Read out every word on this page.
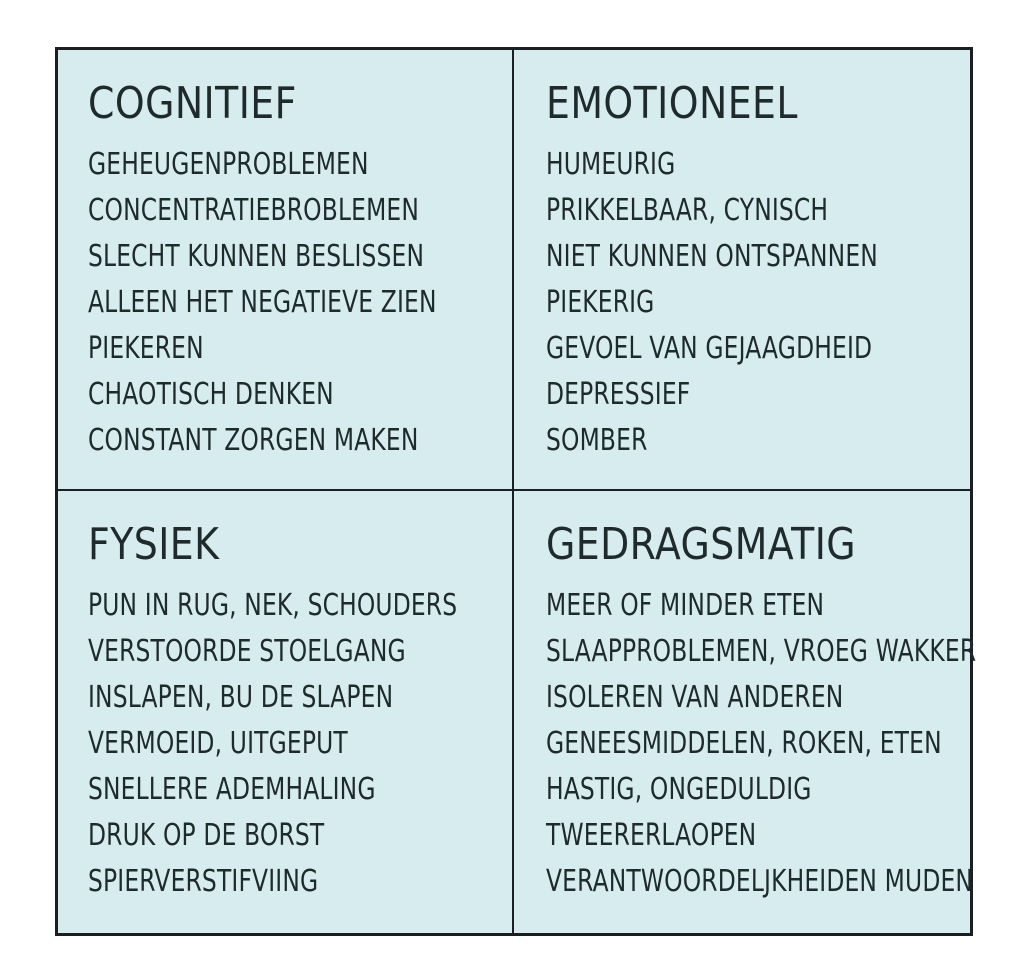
COGNITIEF
GEHEUGENPROBLEMEN
CONCENTRATIEBROBLEMEN
SLECHT KUNNEN BESLISSEN
ALLEEN HET NEGATIEVE ZIEN
PIEKEREN
CHAOTISCH DENKEN
CONSTANT ZORGEN MAKEN
EMOTIONEEL
HUMEURIG
PRIKKELBAAR, CYNISCH
NIET KUNNEN ONTSPANNEN
PIEKERIG
GEVOEL VAN GEJAAGDHEID
DEPRESSIEF
SOMBER
FYSIEK
PUN IN RUG, NEK, SCHOUDERS
VERSTOORDE STOELGANG
INSLAPEN, BU DE SLAPEN
VERMOEID, UITGEPUT
SNELLERE ADEMHALING
DRUK OP DE BORST
SPIERVERSTIFVIING
GEDRAGSMATIG
MEER OF MINDER ETEN
SLAAPPROBLEMEN, VROEG WAKKER
ISOLEREN VAN ANDEREN
GENEESMIDDELEN, ROKEN, ETEN
HASTIG, ONGEDULDIG
TWEERERLAOPEN
VERANTWOORDELJKHEIDEN MUDEN
